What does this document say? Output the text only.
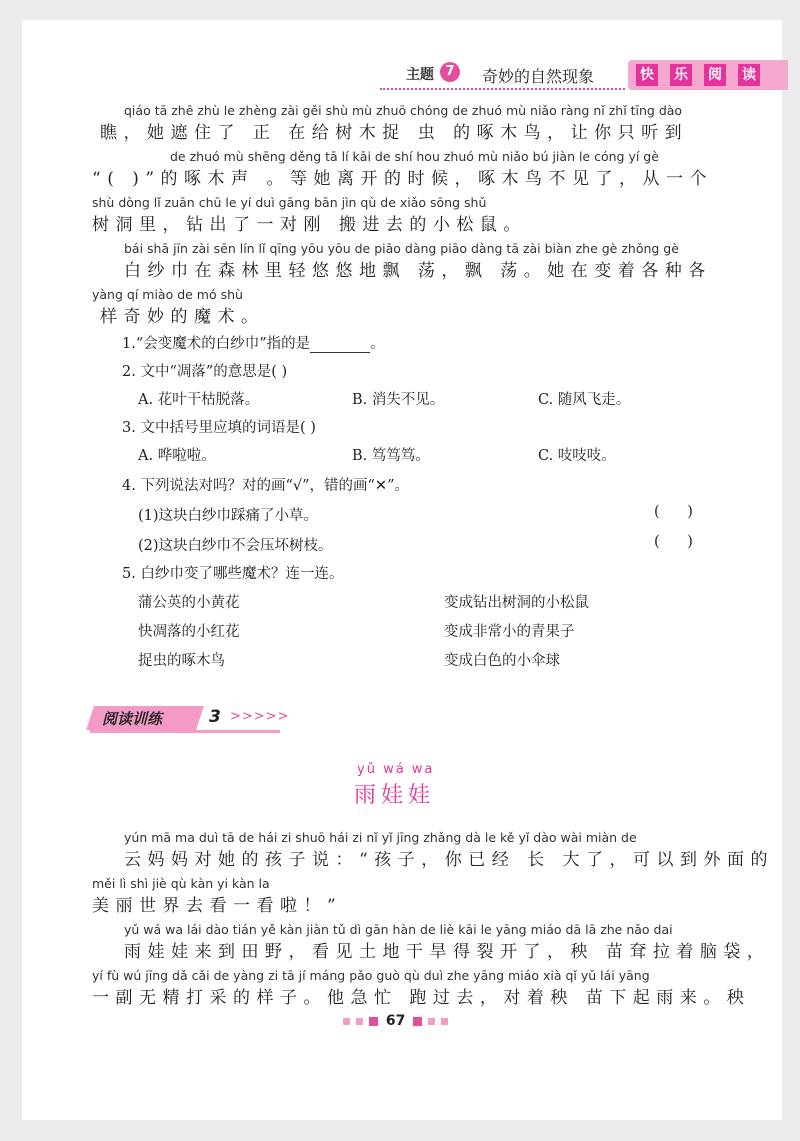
主题 7	奇妙的自然现象	快 乐 阅 读
qiáo tā zhē zhù le zhèng zài gěi shù mù zhuō chóng de zhuó mù niǎo ràng nǐ zhǐ tīng dào
瞧，她遮住了 正 在给树木捉 虫 的啄木鸟，让你只听到
de zhuó mù shēng děng tā lí kāi de shí hou zhuó mù niǎo bú jiàn le cóng yí gè
“( )”的啄木声 。等她离开的时候，啄木鸟不见了，从一个
shù dòng lǐ zuān chū le yí duì gāng bān jìn qù de xiǎo sōng shǔ
树洞里，钻出了一对刚 搬进去的小松鼠。
bái shā jīn zài sēn lín lǐ qīng yōu yōu de piāo dàng piāo dàng tā zài biàn zhe gè zhǒng gè
白纱巾在森林里轻悠悠地飘 荡，飘 荡。她在变着各种各
yàng qí miào de mó shù
样奇妙的魔术。
1.“会变魔术的白纱巾”指的是	。
2. 文中“凋落”的意思是( )
A. 花叶干枯脱落。	B. 消失不见。	C. 随风飞走。
3. 文中括号里应填的词语是( )
A. 哗啦啦。	B. 笃笃笃。	C. 吱吱吱。
4. 下列说法对吗？对的画“√”，错的画“✕”。
(1)这块白纱巾踩痛了小草。	(      )
(2)这块白纱巾不会压坏树枝。	(      )
5. 白纱巾变了哪些魔术？连一连。
蒲公英的小黄花	变成钻出树洞的小松鼠
快凋落的小红花	变成非常小的青果子
捉虫的啄木鸟	变成白色的小伞球
阅读训练	3 >>>>>
yǔ wá wa
雨娃娃
yún mā ma duì tā de hái zi shuō hái zi nǐ yǐ jīng zhǎng dà le kě yǐ dào wài miàn de
云妈妈对她的孩子说：“孩子，你已经 长 大了，可以到外面的
měi lì shì jiè qù kàn yi kàn la
美丽世界去看一看啦！”
yǔ wá wa lái dào tián yě kàn jiàn tǔ dì gān hàn de liè kāi le yāng miáo dā lā zhe nǎo dai
雨娃娃来到田野，看见土地干旱得裂开了，秧 苗耷拉着脑袋，
yí fù wú jīng dǎ cǎi de yàng zi tā jí máng pǎo guò qù duì zhe yāng miáo xià qǐ yǔ lái yāng
一副无精打采的样子。他急忙 跑过去，对着秧 苗下起雨来。秧
67
